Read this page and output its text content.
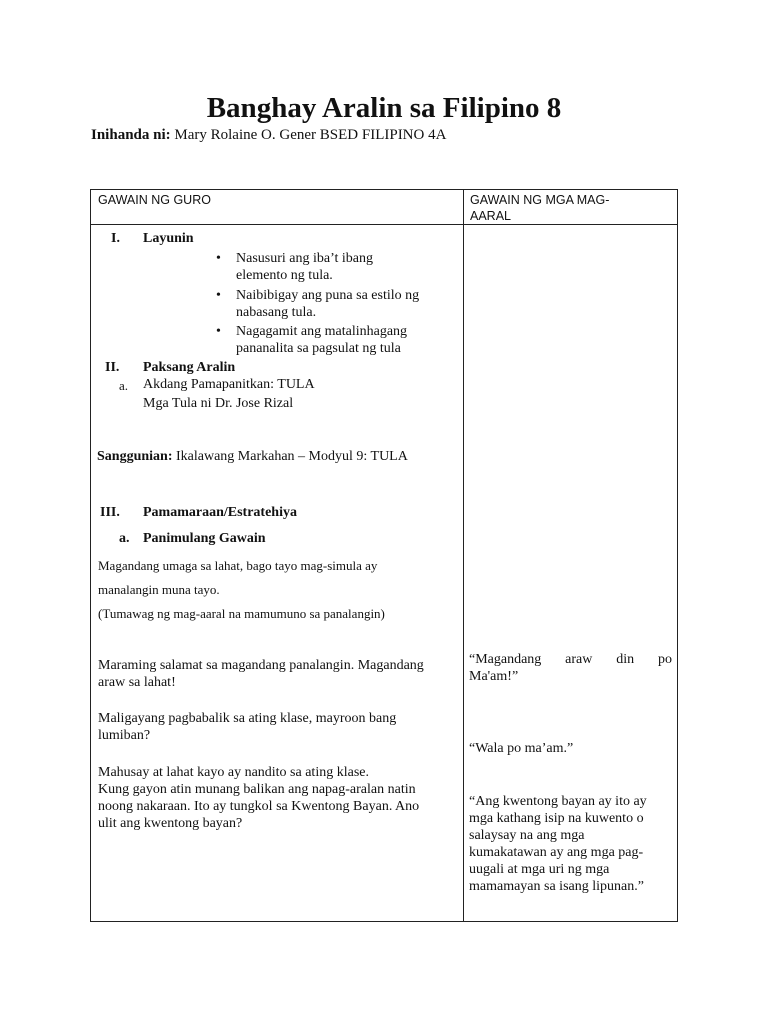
Banghay Aralin sa Filipino 8
Inihanda ni: Mary Rolaine O. Gener BSED FILIPINO 4A
GAWAIN NG GURO	GAWAIN NG MGA MAG-
AARAL
I. Layunin
• Nasusuri ang iba’t ibang
elemento ng tula.
• Naibibigay ang puna sa estilo ng
nabasang tula.
• Nagagamit ang matalinhagang
pananalita sa pagsulat ng tula
II. Paksang Aralin
a. Akdang Pamapanitkan: TULA
Mga Tula ni Dr. Jose Rizal
Sanggunian: Ikalawang Markahan – Modyul 9: TULA
III. Pamamaraan/Estratehiya
a. Panimulang Gawain
Magandang umaga sa lahat, bago tayo mag-simula ay
manalangin muna tayo.
(Tumawag ng mag-aaral na mamumuno sa panalangin)
Maraming salamat sa magandang panalangin. Magandang
araw sa lahat!
Maligayang pagbabalik sa ating klase, mayroon bang
lumiban?
Mahusay at lahat kayo ay nandito sa ating klase.
Kung gayon atin munang balikan ang napag-aralan natin
noong nakaraan. Ito ay tungkol sa Kwentong Bayan. Ano
ulit ang kwentong bayan?
“Magandang araw din po
Ma'am!”
“Wala po ma’am.”
“Ang kwentong bayan ay ito ay
mga kathang isip na kuwento o
salaysay na ang mga
kumakatawan ay ang mga pag-
uugali at mga uri ng mga
mamamayan sa isang lipunan.”
